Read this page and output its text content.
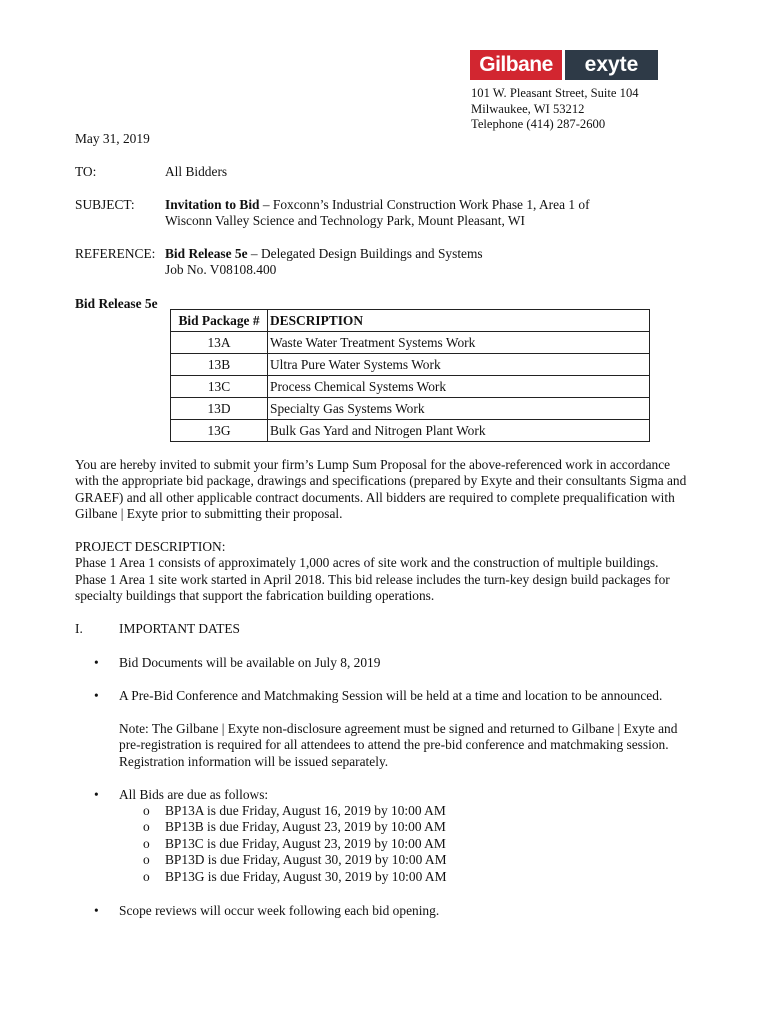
Gilbane	exyte
101 W. Pleasant Street, Suite 104
Milwaukee, WI 53212
Telephone (414) 287-2600
May 31, 2019
TO:	All Bidders
SUBJECT: Invitation to Bid – Foxconn’s Industrial Construction Work Phase 1, Area 1 of
Wisconn Valley Science and Technology Park, Mount Pleasant, WI
REFERENCE: Bid Release 5e – Delegated Design Buildings and Systems
Job No. V08108.400
Bid Release 5e
Bid Package #	DESCRIPTION
13A	Waste Water Treatment Systems Work
13B	Ultra Pure Water Systems Work
13C	Process Chemical Systems Work
13D	Specialty Gas Systems Work
13G	Bulk Gas Yard and Nitrogen Plant Work
You are hereby invited to submit your firm’s Lump Sum Proposal for the above-referenced work in accordance
with the appropriate bid package, drawings and specifications (prepared by Exyte and their consultants Sigma and
GRAEF) and all other applicable contract documents. All bidders are required to complete prequalification with
Gilbane | Exyte prior to submitting their proposal.
PROJECT DESCRIPTION:
Phase 1 Area 1 consists of approximately 1,000 acres of site work and the construction of multiple buildings.
Phase 1 Area 1 site work started in April 2018. This bid release includes the turn-key design build packages for
specialty buildings that support the fabrication building operations.
I.	IMPORTANT DATES
• Bid Documents will be available on July 8, 2019
• A Pre-Bid Conference and Matchmaking Session will be held at a time and location to be announced.
Note: The Gilbane | Exyte non-disclosure agreement must be signed and returned to Gilbane | Exyte and
pre-registration is required for all attendees to attend the pre-bid conference and matchmaking session.
Registration information will be issued separately.
• All Bids are due as follows:
o BP13A is due Friday, August 16, 2019 by 10:00 AM
o BP13B is due Friday, August 23, 2019 by 10:00 AM
o BP13C is due Friday, August 23, 2019 by 10:00 AM
o BP13D is due Friday, August 30, 2019 by 10:00 AM
o BP13G is due Friday, August 30, 2019 by 10:00 AM
• Scope reviews will occur week following each bid opening.
